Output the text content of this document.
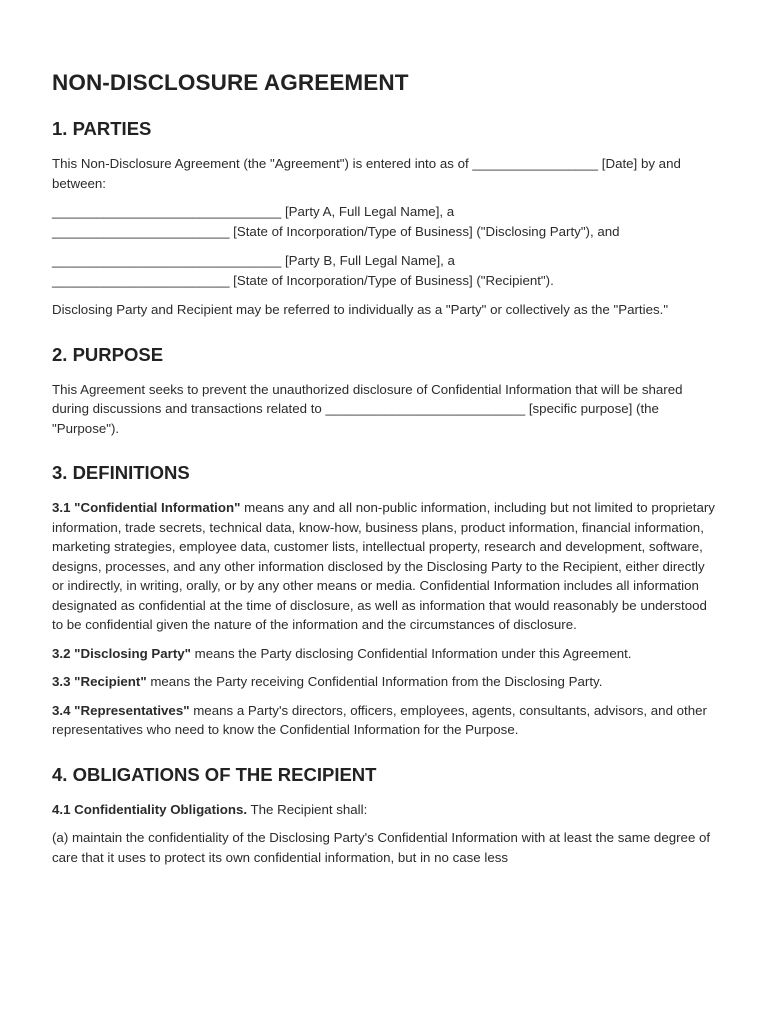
NON-DISCLOSURE AGREEMENT
1. PARTIES

This Non-Disclosure Agreement (the "Agreement") is entered into as of _________________ [Date] by and between:

_______________________________ [Party A, Full Legal Name], a
________________________ [State of Incorporation/Type of Business] ("Disclosing Party"), and

_______________________________ [Party B, Full Legal Name], a
________________________ [State of Incorporation/Type of Business] ("Recipient").

Disclosing Party and Recipient may be referred to individually as a "Party" or collectively as the "Parties."

2. PURPOSE

This Agreement seeks to prevent the unauthorized disclosure of Confidential Information that will be shared during discussions and transactions related to ___________________________ [specific purpose] (the "Purpose").

3. DEFINITIONS

3.1 "Confidential Information" means any and all non-public information, including but not limited to proprietary information, trade secrets, technical data, know-how, business plans, product information, financial information, marketing strategies, employee data, customer lists, intellectual property, research and development, software, designs, processes, and any other information disclosed by the Disclosing Party to the Recipient, either directly or indirectly, in writing, orally, or by any other means or media. Confidential Information includes all information designated as confidential at the time of disclosure, as well as information that would reasonably be understood to be confidential given the nature of the information and the circumstances of disclosure.

3.2 "Disclosing Party" means the Party disclosing Confidential Information under this Agreement.

3.3 "Recipient" means the Party receiving Confidential Information from the Disclosing Party.

3.4 "Representatives" means a Party's directors, officers, employees, agents, consultants, advisors, and other representatives who need to know the Confidential Information for the Purpose.

4. OBLIGATIONS OF THE RECIPIENT

4.1 Confidentiality Obligations. The Recipient shall:

(a) maintain the confidentiality of the Disclosing Party's Confidential Information with at least the same degree of care that it uses to protect its own confidential information, but in no case less
